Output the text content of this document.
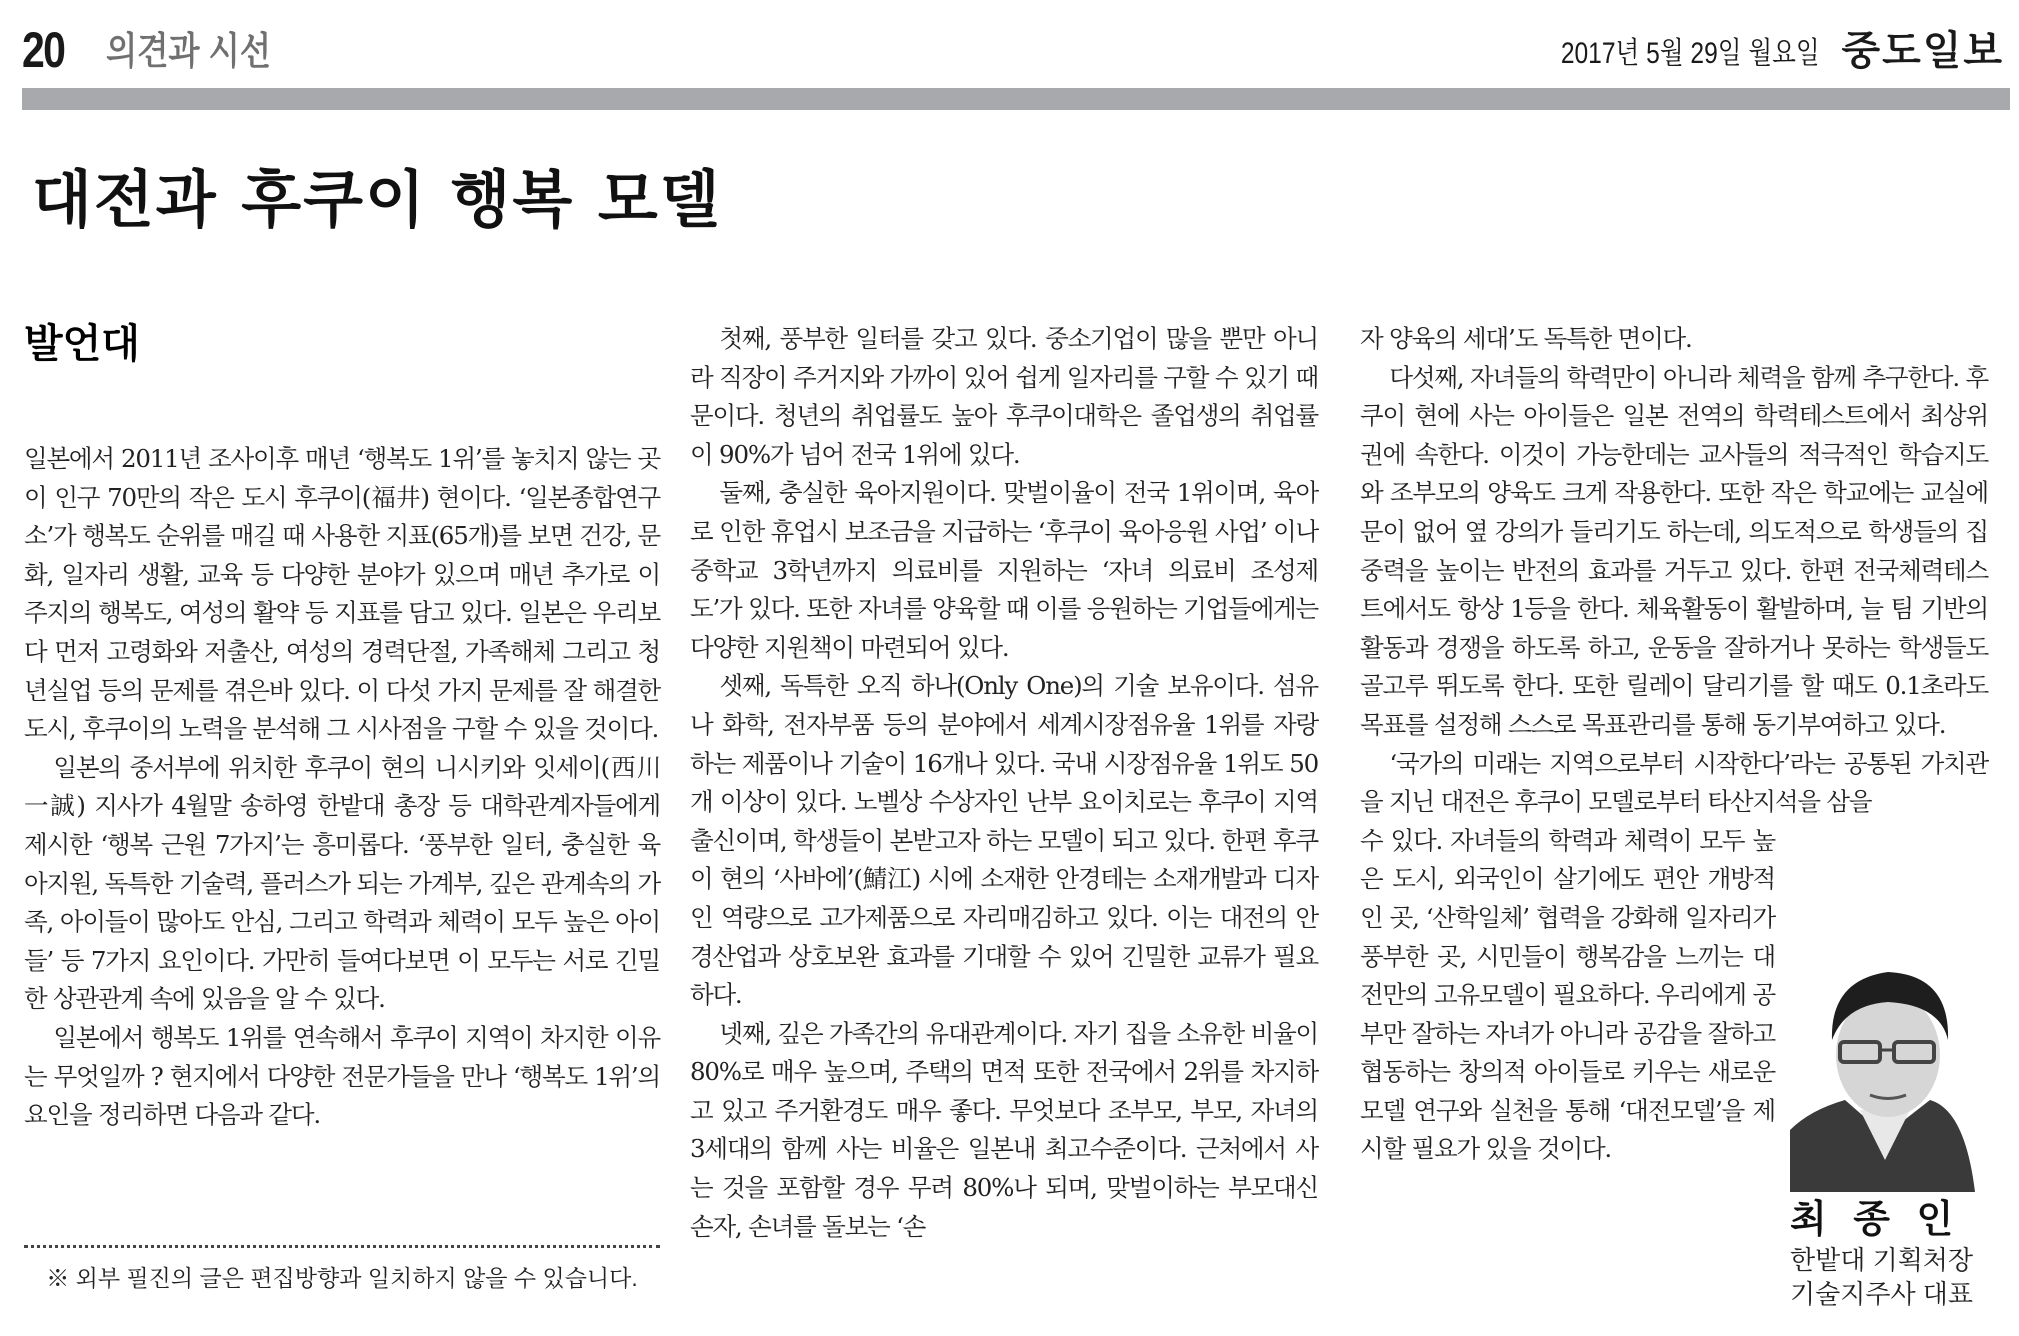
20 의견과 시선	2017년 5월 29일 월요일 중도일보
대전과 후쿠이 행복 모델
발언대

일본에서 2011년 조사이후 매년 ‘행복도 1위’를 놓치지 않는 곳이 인구 70만의 작은 도시 후쿠이(福井) 현이다. ‘일본종합연구소’가 행복도 순위를 매길 때 사용한 지표(65개)를 보면 건강, 문화, 일자리 생활, 교육 등 다양한 분야가 있으며 매년 추가로 이주지의 행복도, 여성의 활약 등 지표를 담고 있다. 일본은 우리보다 먼저 고령화와 저출산, 여성의 경력단절, 가족해체 그리고 청년실업 등의 문제를 겪은바 있다. 이 다섯 가지 문제를 잘 해결한 도시, 후쿠이의 노력을 분석해 그 시사점을 구할 수 있을 것이다.

일본의 중서부에 위치한 후쿠이 현의 니시키와 잇세이(西川一誠) 지사가 4월말 송하영 한밭대 총장 등 대학관계자들에게 제시한 ‘행복 근원 7가지’는 흥미롭다. ‘풍부한 일터, 충실한 육아지원, 독특한 기술력, 플러스가 되는 가계부, 깊은 관계속의 가족, 아이들이 많아도 안심, 그리고 학력과 체력이 모두 높은 아이들’ 등 7가지 요인이다. 가만히 들여다보면 이 모두는 서로 긴밀한 상관관계 속에 있음을 알 수 있다.

일본에서 행복도 1위를 연속해서 후쿠이 지역이 차지한 이유는 무엇일까 ? 현지에서 다양한 전문가들을 만나 ‘행복도 1위’의 요인을 정리하면 다음과 같다.

※ 외부 필진의 글은 편집방향과 일치하지 않을 수 있습니다.

첫째, 풍부한 일터를 갖고 있다. 중소기업이 많을 뿐만 아니라 직장이 주거지와 가까이 있어 쉽게 일자리를 구할 수 있기 때문이다. 청년의 취업률도 높아 후쿠이대학은 졸업생의 취업률이 90%가 넘어 전국 1위에 있다.

둘째, 충실한 육아지원이다. 맞벌이율이 전국 1위이며, 육아로 인한 휴업시 보조금을 지급하는 ‘후쿠이 육아응원 사업’ 이나 중학교 3학년까지 의료비를 지원하는 ‘자녀 의료비 조성제도’가 있다. 또한 자녀를 양육할 때 이를 응원하는 기업들에게는 다양한 지원책이 마련되어 있다.

셋째, 독특한 오직 하나(Only One)의 기술 보유이다. 섬유나 화학, 전자부품 등의 분야에서 세계시장점유율 1위를 자랑하는 제품이나 기술이 16개나 있다. 국내 시장점유율 1위도 50개 이상이 있다. 노벨상 수상자인 난부 요이치로는 후쿠이 지역출신이며, 학생들이 본받고자 하는 모델이 되고 있다. 한편 후쿠이 현의 ‘사바에’(鯖江) 시에 소재한 안경테는 소재개발과 디자인 역량으로 고가제품으로 자리매김하고 있다. 이는 대전의 안경산업과 상호보완 효과를 기대할 수 있어 긴밀한 교류가 필요하다.

넷째, 깊은 가족간의 유대관계이다. 자기 집을 소유한 비율이 80%로 매우 높으며, 주택의 면적 또한 전국에서 2위를 차지하고 있고 주거환경도 매우 좋다. 무엇보다 조부모, 부모, 자녀의 3세대의 함께 사는 비율은 일본내 최고수준이다. 근처에서 사는 것을 포함할 경우 무려 80%나 되며, 맞벌이하는 부모대신 손자, 손녀를 돌보는 ‘손

자 양육의 세대’도 독특한 면이다.

다섯째, 자녀들의 학력만이 아니라 체력을 함께 추구한다. 후쿠이 현에 사는 아이들은 일본 전역의 학력테스트에서 최상위권에 속한다. 이것이 가능한데는 교사들의 적극적인 학습지도와 조부모의 양육도 크게 작용한다. 또한 작은 학교에는 교실에 문이 없어 옆 강의가 들리기도 하는데, 의도적으로 학생들의 집중력을 높이는 반전의 효과를 거두고 있다. 한편 전국체력테스트에서도 항상 1등을 한다. 체육활동이 활발하며, 늘 팀 기반의 활동과 경쟁을 하도록 하고, 운동을 잘하거나 못하는 학생들도 골고루 뛰도록 한다. 또한 릴레이 달리기를 할 때도 0.1초라도 목표를 설정해 스스로 목표관리를 통해 동기부여하고 있다.

‘국가의 미래는 지역으로부터 시작한다’라는 공통된 가치관을 지닌 대전은 후쿠이 모델로부터 타산지석을 삼을

수 있다. 자녀들의 학력과 체력이 모두 높은 도시, 외국인이 살기에도 편안 개방적인 곳, ‘산학일체’ 협력을 강화해 일자리가 풍부한 곳, 시민들이 행복감을 느끼는 대전만의 고유모델이 필요하다. 우리에게 공부만 잘하는 자녀가 아니라 공감을 잘하고 협동하는 창의적 아이들로 키우는 새로운 모델 연구와 실천을 통해 ‘대전모델’을 제시할 필요가 있을 것이다.

최 종 인
한밭대 기획처장
기술지주사 대표
